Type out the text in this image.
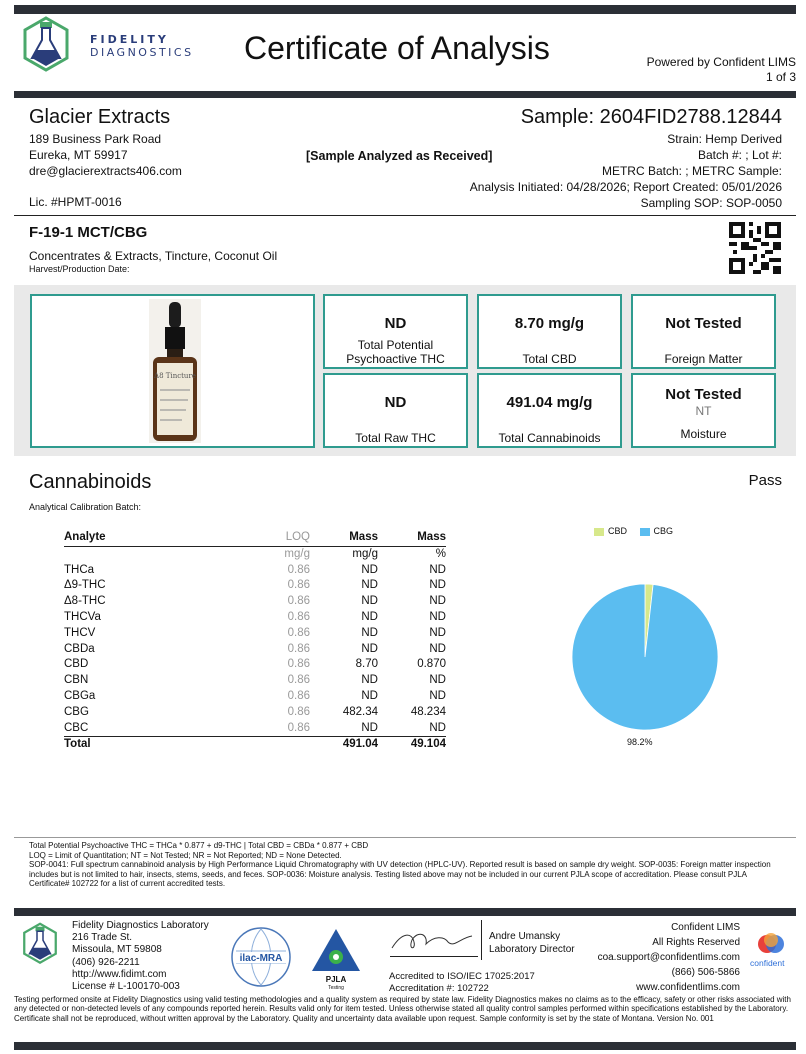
FIDELITY
DIAGNOSTICS Certificate of Analysis	Powered by Confident LIMS
1 of 3
Glacier Extracts
189 Business Park Road
Eureka, MT 59917
dre@glacierextracts406.com
Lic. #HPMT-0016
[Sample Analyzed as Received]
Sample: 2604FID2788.12844
Strain: Hemp Derived
Batch #: ; Lot #:
METRC Batch: ; METRC Sample:
Analysis Initiated: 04/28/2026; Report Created: 05/01/2026
Sampling SOP: SOP-0050
F-19-1 MCT/CBG
Concentrates & Extracts, Tincture, Coconut Oil
Harvest/Production Date:
Δ8 Tincture
ND
Total Potential Psychoactive THC
8.70 mg/g
Total CBD
Not Tested
Foreign Matter
ND
Total Raw THC
491.04 mg/g
Total Cannabinoids
Not Tested
NT
Moisture
Cannabinoids	Pass
Analytical Calibration Batch:
Analyte	LOQ	Mass	Mass
	mg/g	mg/g	%
THCa	0.86	ND	ND
Δ9-THC	0.86	ND	ND
Δ8-THC	0.86	ND	ND
THCVa	0.86	ND	ND
THCV	0.86	ND	ND
CBDa	0.86	ND	ND
CBD	0.86	8.70	0.870
CBN	0.86	ND	ND
CBGa	0.86	ND	ND
CBG	0.86	482.34	48.234
CBC	0.86	ND	ND
Total		491.04	49.104
CBD	CBG
98.2%
Total Potential Psychoactive THC = THCa * 0.877 + d9-THC | Total CBD = CBDa * 0.877 + CBD
LOQ = Limit of Quantitation; NT = Not Tested; NR = Not Reported; ND = None Detected.
SOP-0041: Full spectrum cannabinoid analysis by High Performance Liquid Chromatography with UV detection (HPLC-UV). Reported result is based on sample dry weight. SOP-0035: Foreign matter inspection includes but is not limited to hair, insects, stems, seeds, and feces. SOP-0036: Moisture analysis. Testing listed above may not be included in our current PJLA scope of accreditation. Please consult PJLA Certificate# 102722 for a list of current accredited tests.
Fidelity Diagnostics Laboratory
216 Trade St.
Missoula, MT 59808
(406) 926-2211
http://www.fidimt.com
License # L-100170-003
ilac-MRA
PJLA
Testing
Andre Umansky
Laboratory Director
Accredited to ISO/IEC 17025:2017
Accreditation #: 102722
Confident LIMS
All Rights Reserved
coa.support@confidentlims.com
(866) 506-5866
www.confidentlims.com
confident
Testing performed onsite at Fidelity Diagnostics using valid testing methodologies and a quality system as required by state law. Fidelity Diagnostics makes no claims as to the efficacy, safety or other risks associated with any detected or non-detected levels of any compounds reported herein. Results valid only for item tested. Unless otherwise stated all quality control samples performed within specifications established by the Laboratory. Certificate shall not be reproduced, without written approval by the Laboratory. Quality and uncertainty data available upon request. Sample conformity is set by the state of Montana. Version No. 001
